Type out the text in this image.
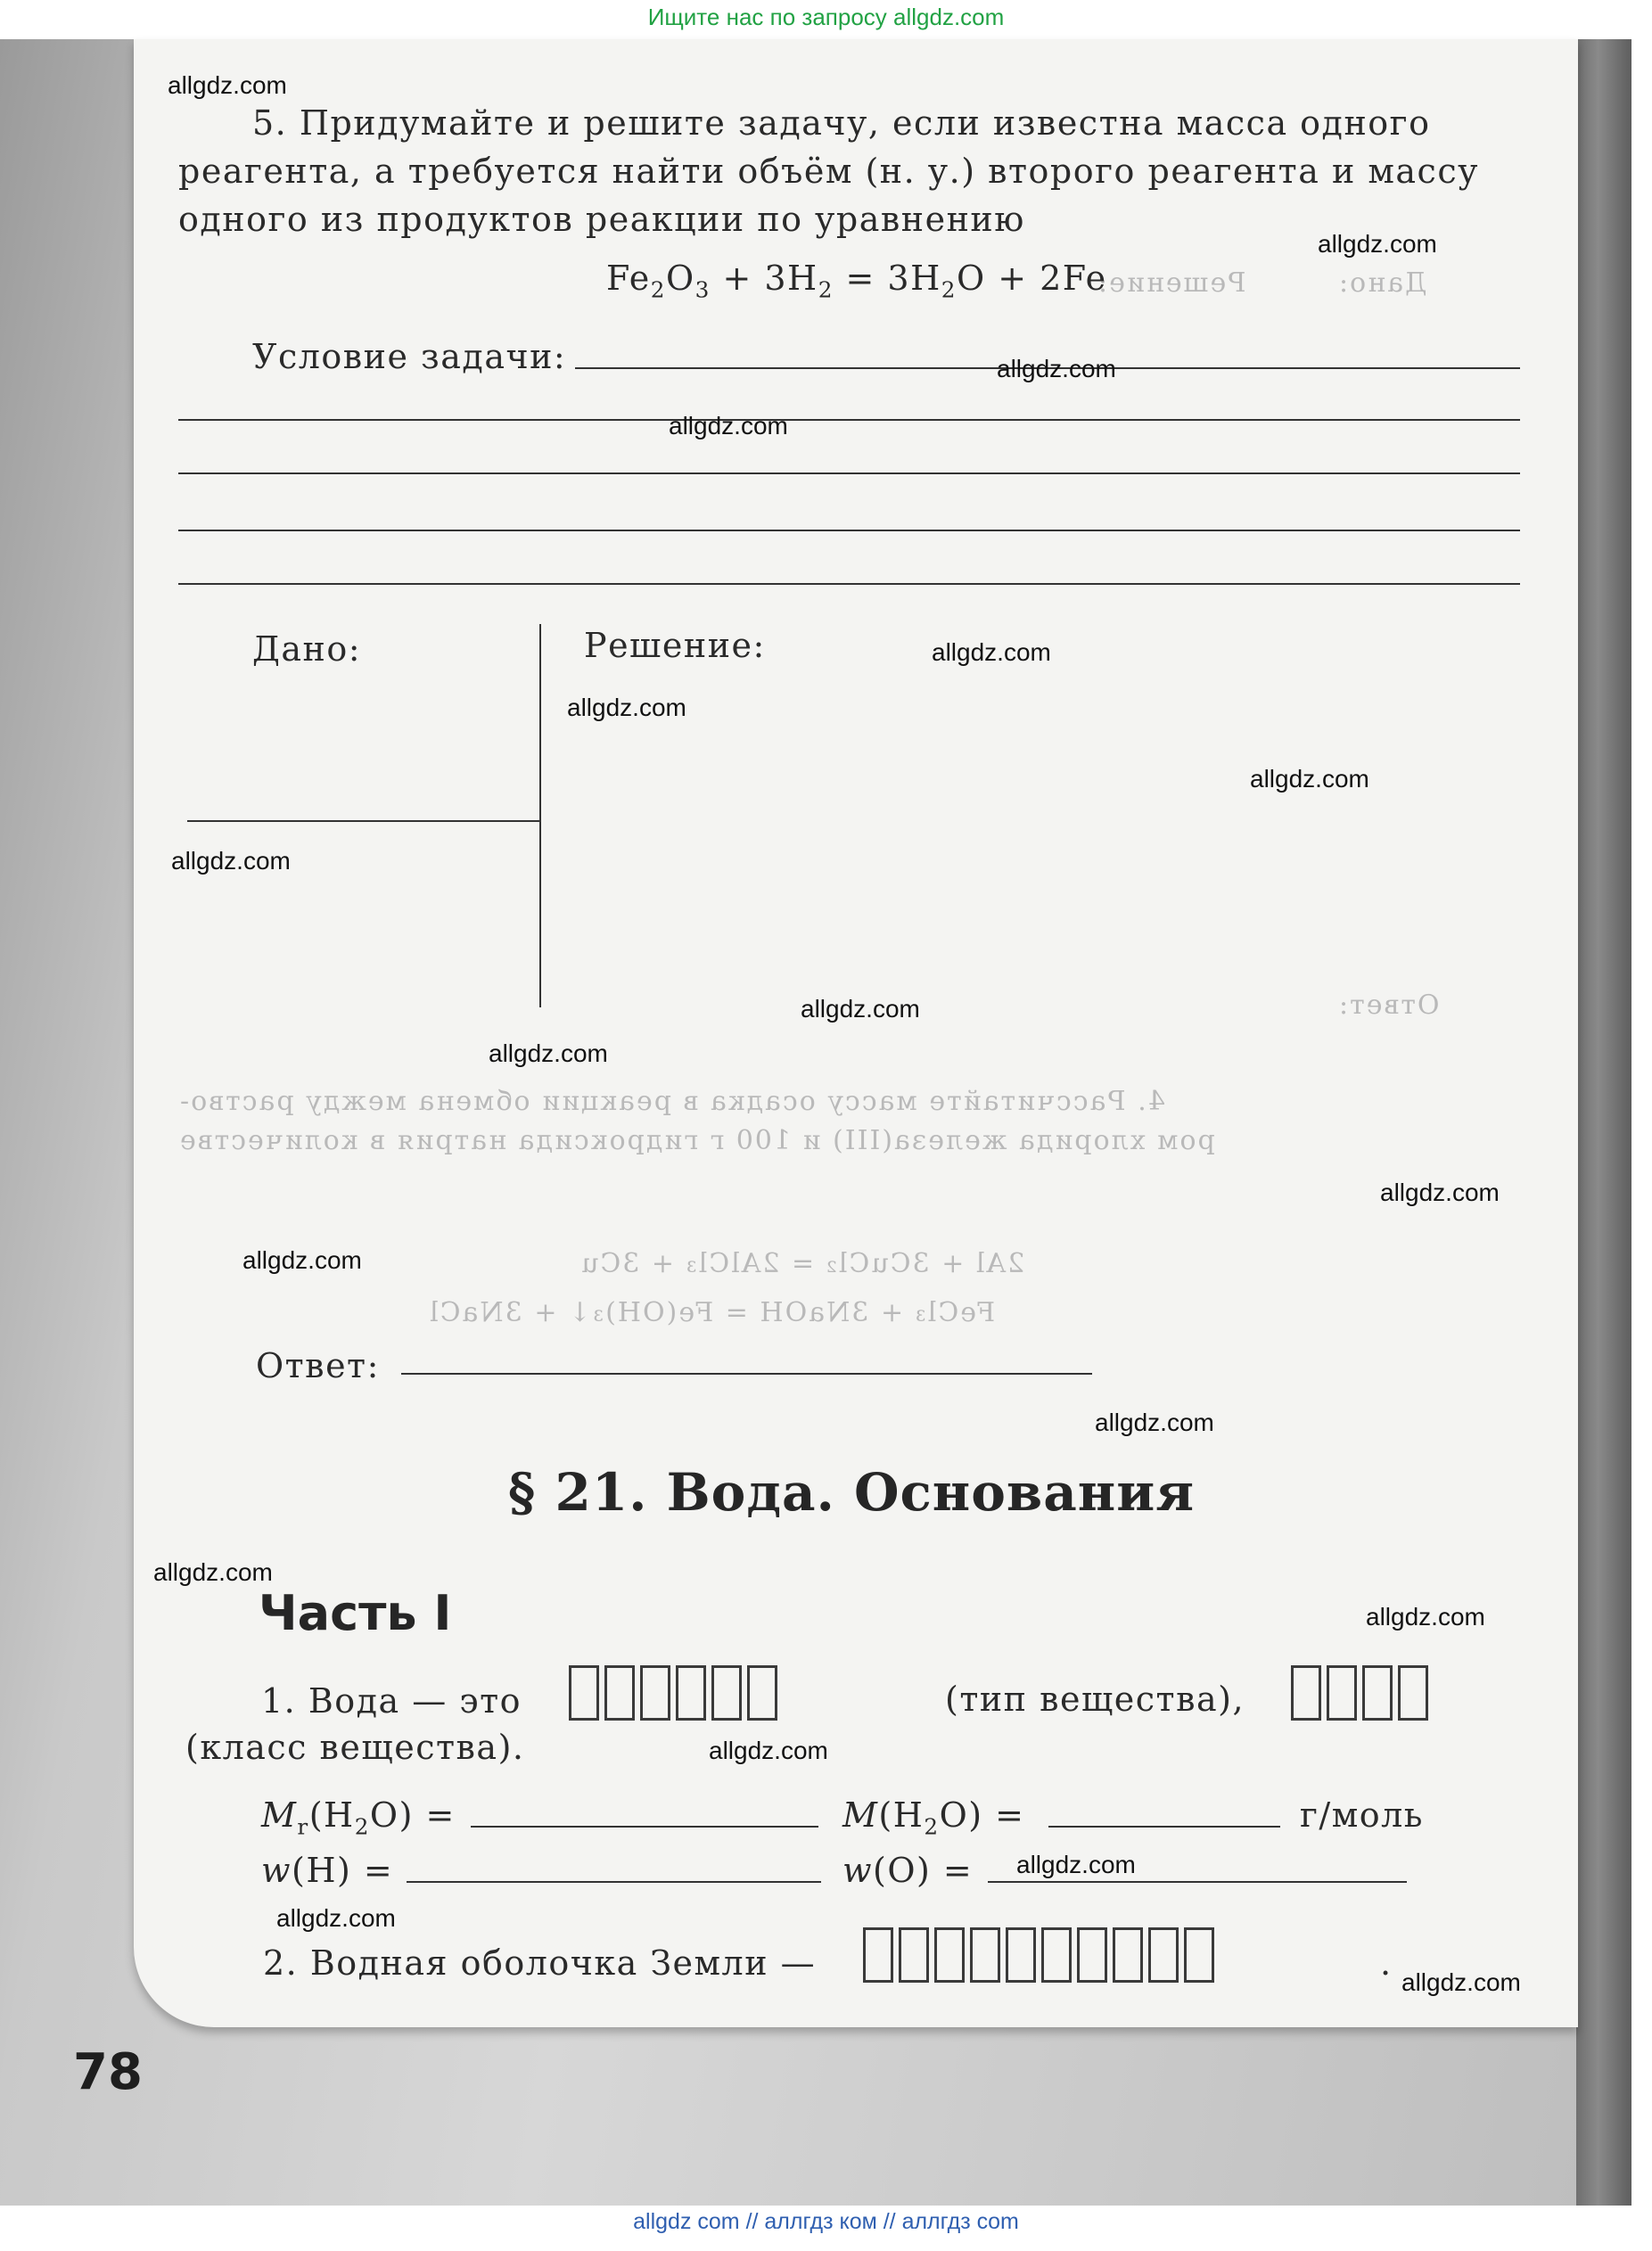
Ищите нас по запросу allgdz.com
Дано:
Решение:
Ответ:
FeCl₃ + 3NaOH = Fe(OH)₃↓ + 3NaCl
2Al + 3CuCl₂ = 2AlCl₃ + 3Cu
4. Рассчитайте массу осадка в реакции обмена между раство-
ром хлорида железа(III) и 100 г гидроксида натрия в количестве
5. Придумайте и решите задачу, если известна масса одного
реагента, а требуется найти объём (н. у.) второго реагента и массу
одного из продуктов реакции по уравнению
$Fe_2O_3 + 3H_2 = 3H_2O + 2Fe$
Условие задачи:
Дано:	Решение:
Ответ:
§ 21. Вода. Основания
Часть I
1. Вода — это	(тип вещества),
(класс вещества).
$M_r(H_2O)$ =	$M(H_2O)$ =	г/моль
w(H) =	w(O) =
2. Водная оболочка Земли —	.
78
allgdz.com
allgdz.com
allgdz.com
allgdz.com
allgdz.com
allgdz.com
allgdz.com
allgdz.com
allgdz.com
allgdz.com
allgdz.com
allgdz.com
allgdz.com
allgdz.com
allgdz.com
allgdz.com
allgdz.com
allgdz.com
allgdz.com
allgdz com // аллгдз ком // аллгдз com
